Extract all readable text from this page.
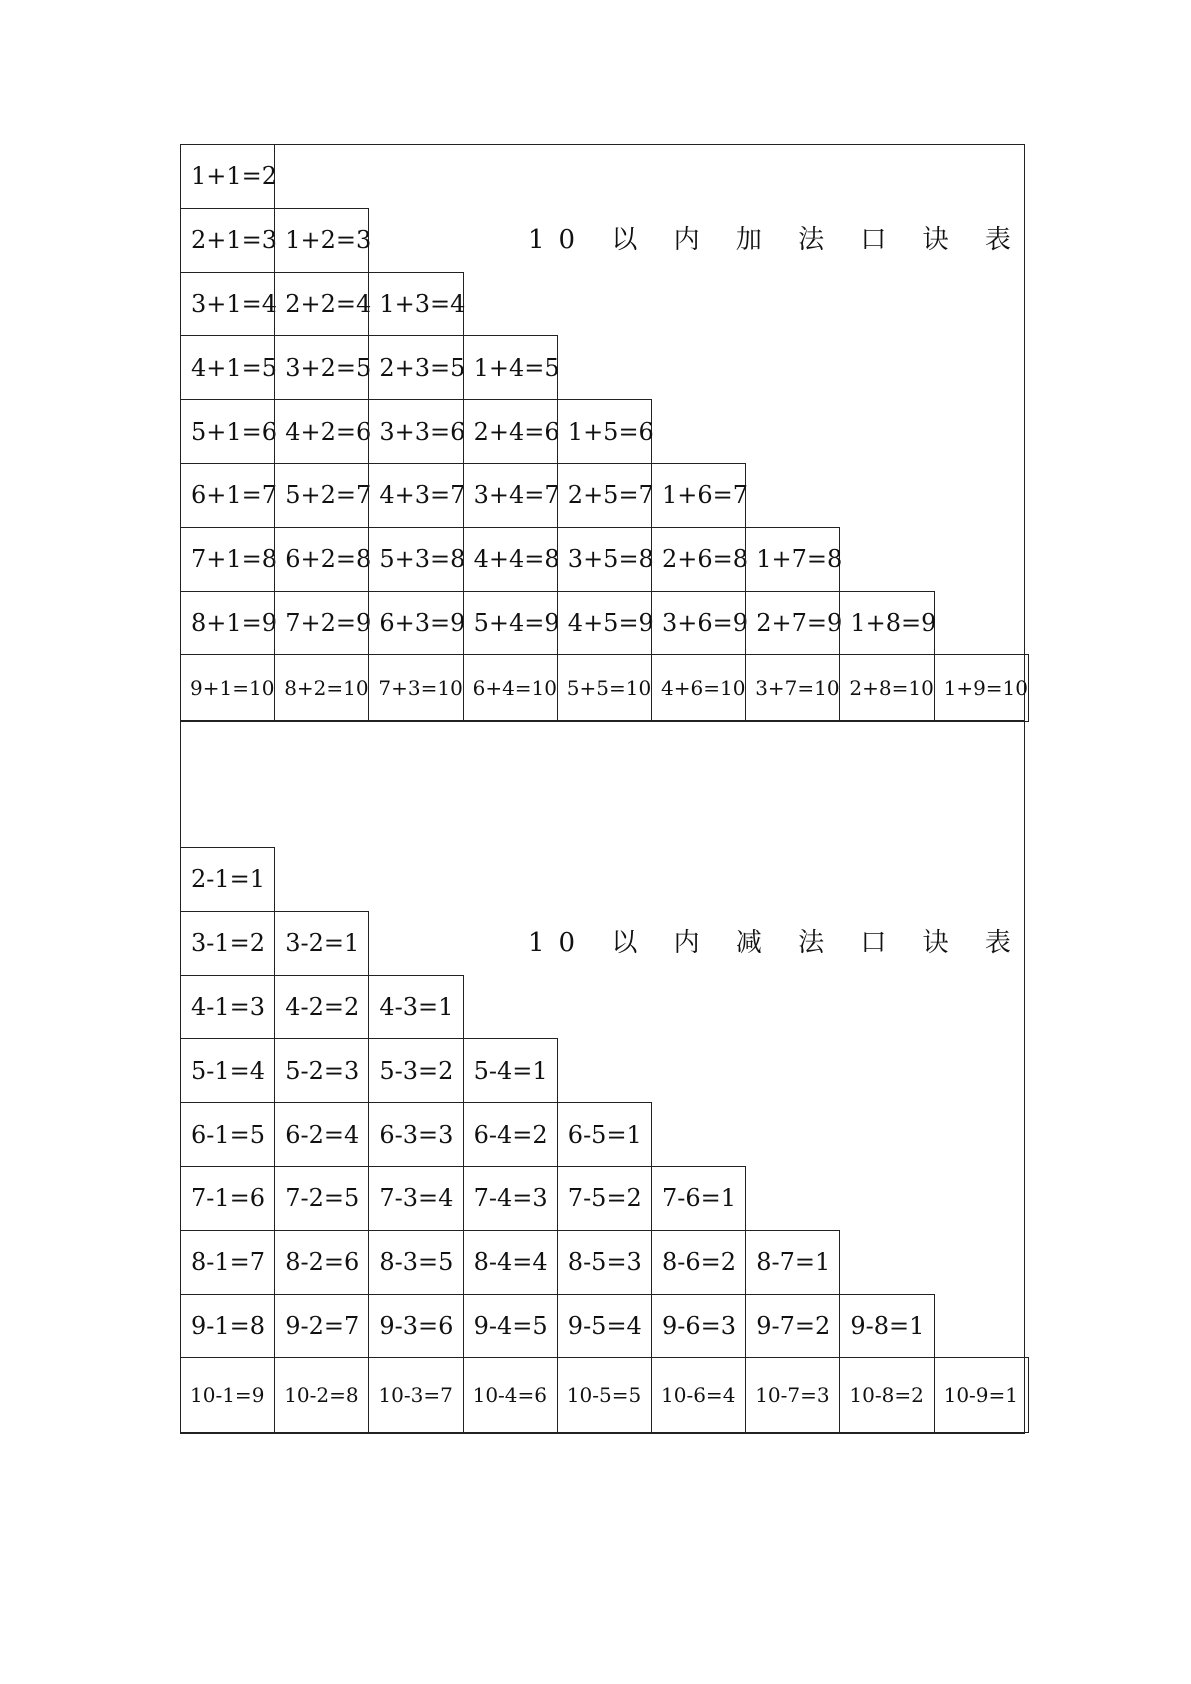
10 以 内 加 法 口 诀 表
1+1=2
2+1=3 1+2=3
3+1=4 2+2=4 1+3=4
4+1=5 3+2=5 2+3=5 1+4=5
5+1=6 4+2=6 3+3=6 2+4=6 1+5=6
6+1=7 5+2=7 4+3=7 3+4=7 2+5=7 1+6=7
7+1=8 6+2=8 5+3=8 4+4=8 3+5=8 2+6=8 1+7=8
8+1=9 7+2=9 6+3=9 5+4=9 4+5=9 3+6=9 2+7=9 1+8=9
9+1=10 8+2=10 7+3=10 6+4=10 5+5=10 4+6=10 3+7=10 2+8=10 1+9=10
10 以 内 减 法 口 诀 表
2-1=1
3-1=2 3-2=1
4-1=3 4-2=2 4-3=1
5-1=4 5-2=3 5-3=2 5-4=1
6-1=5 6-2=4 6-3=3 6-4=2 6-5=1
7-1=6 7-2=5 7-3=4 7-4=3 7-5=2 7-6=1
8-1=7 8-2=6 8-3=5 8-4=4 8-5=3 8-6=2 8-7=1
9-1=8 9-2=7 9-3=6 9-4=5 9-5=4 9-6=3 9-7=2 9-8=1
10-1=9 10-2=8 10-3=7 10-4=6 10-5=5 10-6=4 10-7=3 10-8=2 10-9=1
